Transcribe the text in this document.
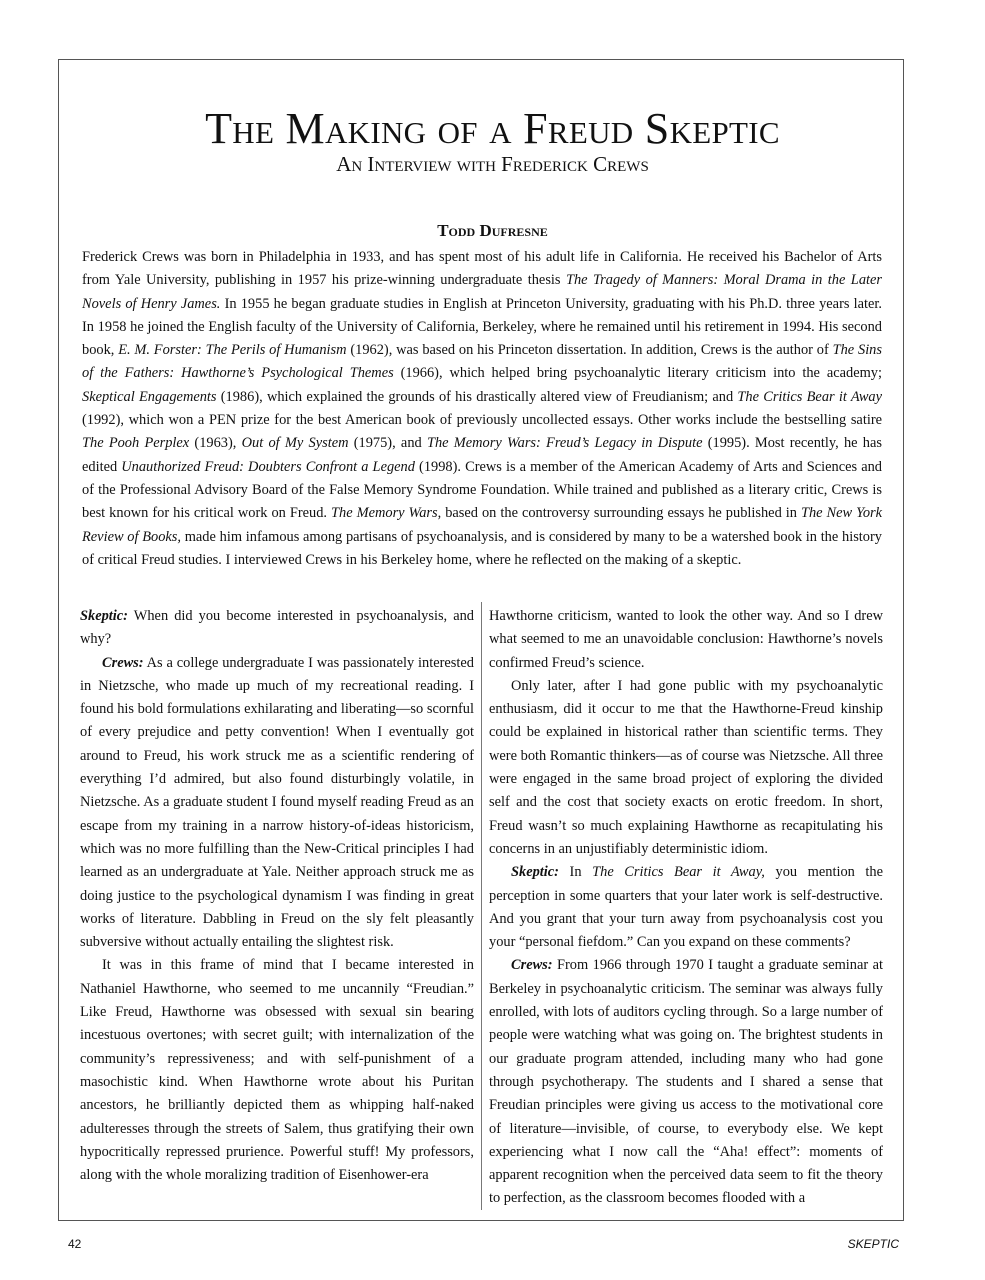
The Making of a Freud Skeptic
An Interview with Frederick Crews
Todd Dufresne

Frederick Crews was born in Philadelphia in 1933, and has spent most of his adult life in California. He received his Bachelor of Arts from Yale University, publishing in 1957 his prize-winning undergraduate thesis The Tragedy of Manners: Moral Drama in the Later Novels of Henry James. In 1955 he began graduate studies in English at Princeton University, graduating with his Ph.D. three years later. In 1958 he joined the English faculty of the University of California, Berkeley, where he remained until his retirement in 1994. His second book, E. M. Forster: The Perils of Humanism (1962), was based on his Princeton dissertation. In addition, Crews is the author of The Sins of the Fathers: Hawthorne’s Psychological Themes (1966), which helped bring psychoanalytic literary criticism into the academy; Skeptical Engagements (1986), which explained the grounds of his drastically altered view of Freudianism; and The Critics Bear it Away (1992), which won a PEN prize for the best American book of previously uncollected essays. Other works include the bestselling satire The Pooh Perplex (1963), Out of My System (1975), and The Memory Wars: Freud’s Legacy in Dispute (1995). Most recently, he has edited Unauthorized Freud: Doubters Confront a Legend (1998). Crews is a member of the American Academy of Arts and Sciences and of the Professional Advisory Board of the False Memory Syndrome Foundation. While trained and published as a literary critic, Crews is best known for his critical work on Freud. The Memory Wars, based on the controversy surrounding essays he published in The New York Review of Books, made him infamous among partisans of psychoanalysis, and is considered by many to be a watershed book in the history of critical Freud studies. I interviewed Crews in his Berkeley home, where he reflected on the making of a skeptic.

Skeptic: When did you become interested in psychoanalysis, and why?

Crews: As a college undergraduate I was passionately interested in Nietzsche, who made up much of my recreational reading. I found his bold formulations exhilarating and liberating—so scornful of every prejudice and petty convention! When I eventually got around to Freud, his work struck me as a scientific rendering of everything I’d admired, but also found disturbingly volatile, in Nietzsche. As a graduate student I found myself reading Freud as an escape from my training in a narrow history-of-ideas historicism, which was no more fulfilling than the New-Critical principles I had learned as an undergraduate at Yale. Neither approach struck me as doing justice to the psychological dynamism I was finding in great works of literature. Dabbling in Freud on the sly felt pleasantly subversive without actually entailing the slightest risk.

It was in this frame of mind that I became interested in Nathaniel Hawthorne, who seemed to me uncannily “Freudian.” Like Freud, Hawthorne was obsessed with sexual sin bearing incestuous overtones; with secret guilt; with internalization of the community’s repressiveness; and with self-punishment of a masochistic kind. When Hawthorne wrote about his Puritan ancestors, he brilliantly depicted them as whipping half-naked adulteresses through the streets of Salem, thus gratifying their own hypocritically repressed prurience. Powerful stuff! My professors, along with the whole moralizing tradition of Eisenhower-era

Hawthorne criticism, wanted to look the other way. And so I drew what seemed to me an unavoidable conclusion: Hawthorne’s novels confirmed Freud’s science.

Only later, after I had gone public with my psychoanalytic enthusiasm, did it occur to me that the Hawthorne-Freud kinship could be explained in historical rather than scientific terms. They were both Romantic thinkers—as of course was Nietzsche. All three were engaged in the same broad project of exploring the divided self and the cost that society exacts on erotic freedom. In short, Freud wasn’t so much explaining Hawthorne as recapitulating his concerns in an unjustifiably deterministic idiom.

Skeptic: In The Critics Bear it Away, you mention the perception in some quarters that your later work is self-destructive. And you grant that your turn away from psychoanalysis cost you your “personal fiefdom.” Can you expand on these comments?

Crews: From 1966 through 1970 I taught a graduate seminar at Berkeley in psychoanalytic criticism. The seminar was always fully enrolled, with lots of auditors cycling through. So a large number of people were watching what was going on. The brightest students in our graduate program attended, including many who had gone through psychotherapy. The students and I shared a sense that Freudian principles were giving us access to the motivational core of literature—invisible, of course, to everybody else. We kept experiencing what I now call the “Aha! effect”: moments of apparent recognition when the perceived data seem to fit the theory to perfection, as the classroom becomes flooded with a

42	SKEPTIC
